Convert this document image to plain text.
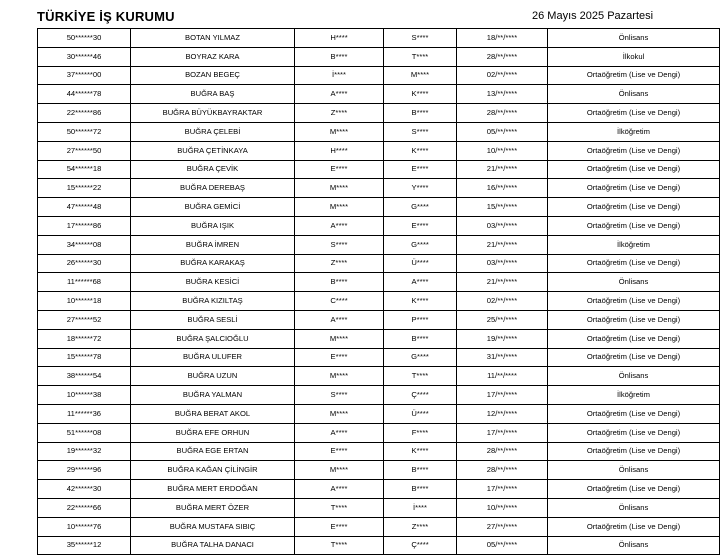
TÜRKİYE İŞ KURUMU	26 Mayıs 2025 Pazartesi
50******30	BOTAN YILMAZ	H****	S****	18/**/****	Önlisans
30******46	BOYRAZ KARA	B****	T****	28/**/****	İlkokul
37******00	BOZAN BEGEÇ	İ****	M****	02/**/****	Ortaöğretim (Lise ve Dengi)
44******78	BUĞRA BAŞ	A****	K****	13/**/****	Önlisans
22******86	BUĞRA BÜYÜKBAYRAKTAR	Z****	B****	28/**/****	Ortaöğretim (Lise ve Dengi)
50******72	BUĞRA ÇELEBİ	M****	S****	05/**/****	İlköğretim
27******50	BUĞRA ÇETİNKAYA	H****	K****	10/**/****	Ortaöğretim (Lise ve Dengi)
54******18	BUĞRA ÇEVİK	E****	E****	21/**/****	Ortaöğretim (Lise ve Dengi)
15******22	BUĞRA DEREBAŞ	M****	Y****	16/**/****	Ortaöğretim (Lise ve Dengi)
47******48	BUĞRA GEMİCİ	M****	G****	15/**/****	Ortaöğretim (Lise ve Dengi)
17******86	BUĞRA IŞIK	A****	E****	03/**/****	Ortaöğretim (Lise ve Dengi)
34******08	BUĞRA İMREN	S****	G****	21/**/****	İlköğretim
26******30	BUĞRA KARAKAŞ	Z****	Ü****	03/**/****	Ortaöğretim (Lise ve Dengi)
11******68	BUĞRA KESİCİ	B****	A****	21/**/****	Önlisans
10******18	BUĞRA KIZILTAŞ	C****	K****	02/**/****	Ortaöğretim (Lise ve Dengi)
27******52	BUĞRA SESLİ	A****	P****	25/**/****	Ortaöğretim (Lise ve Dengi)
18******72	BUĞRA ŞALCIOĞLU	M****	B****	19/**/****	Ortaöğretim (Lise ve Dengi)
15******78	BUĞRA ULUFER	E****	G****	31/**/****	Ortaöğretim (Lise ve Dengi)
38******54	BUĞRA UZUN	M****	T****	11/**/****	Önlisans
10******38	BUĞRA YALMAN	S****	Ç****	17/**/****	İlköğretim
11******36	BUĞRA BERAT AKOL	M****	Ü****	12/**/****	Ortaöğretim (Lise ve Dengi)
51******08	BUĞRA EFE ORHUN	A****	F****	17/**/****	Ortaöğretim (Lise ve Dengi)
19******32	BUĞRA EGE ERTAN	E****	K****	28/**/****	Ortaöğretim (Lise ve Dengi)
29******96	BUĞRA KAĞAN ÇİLİNGİR	M****	B****	28/**/****	Önlisans
42******30	BUĞRA MERT ERDOĞAN	A****	B****	17/**/****	Ortaöğretim (Lise ve Dengi)
22******66	BUĞRA MERT ÖZER	T****	İ****	10/**/****	Önlisans
10******76	BUĞRA MUSTAFA SIBIÇ	E****	Z****	27/**/****	Ortaöğretim (Lise ve Dengi)
35******12	BUĞRA TALHA DANACI	T****	Ç****	05/**/****	Önlisans
